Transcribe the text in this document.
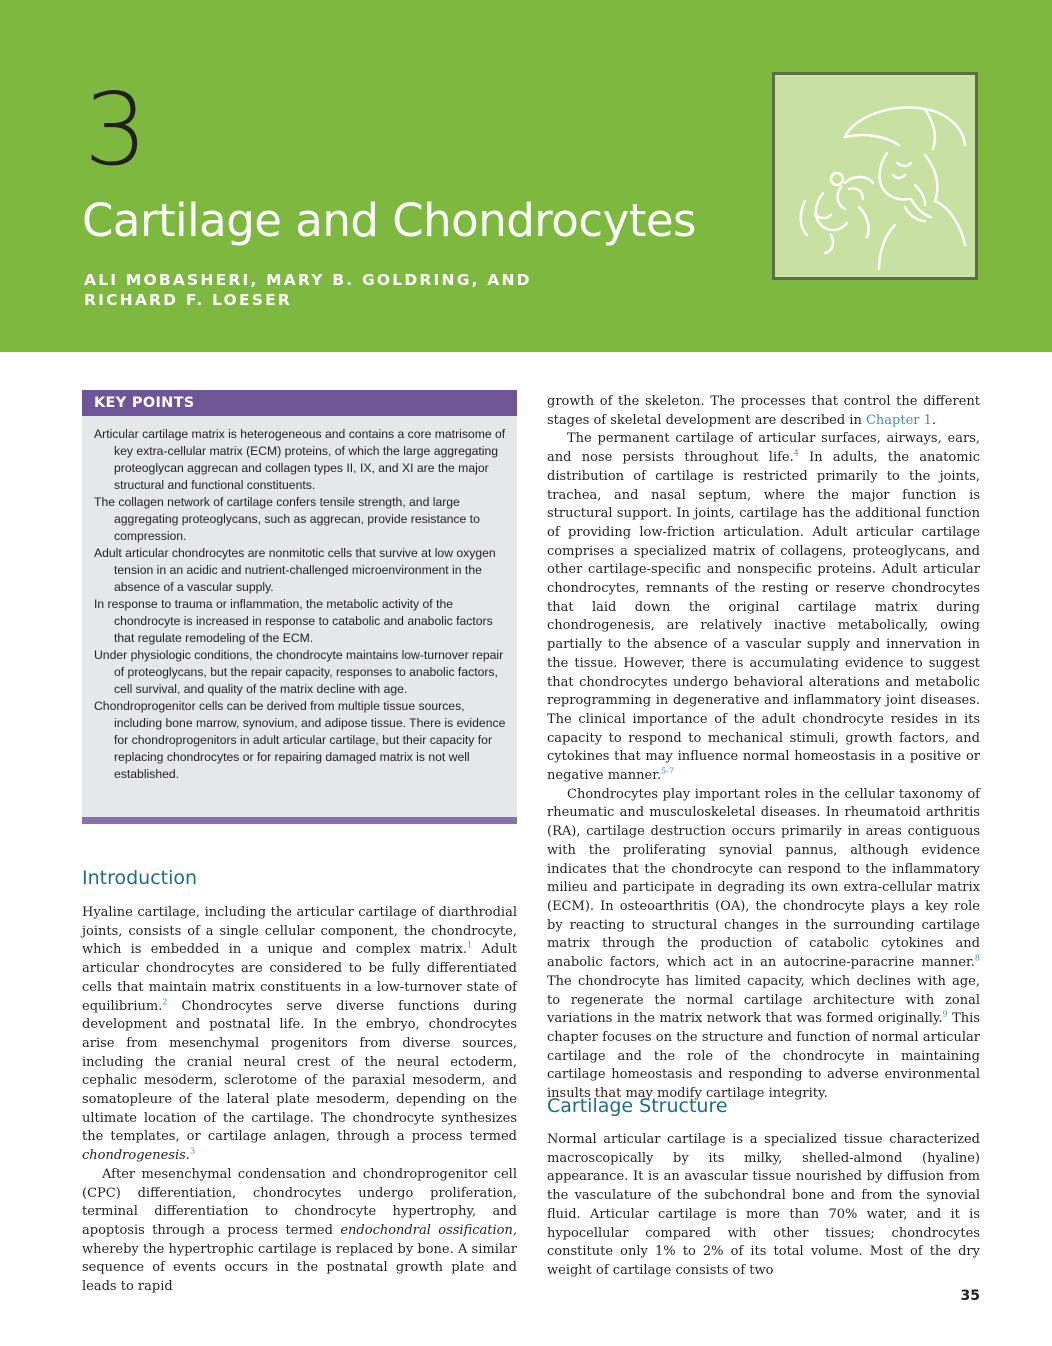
3
Cartilage and Chondrocytes
ALI MOBASHERI, MARY B. GOLDRING, AND
RICHARD F. LOESER
KEY POINTS
Articular cartilage matrix is heterogeneous and contains a core matrisome of key extra-cellular matrix (ECM) proteins, of which the large aggregating proteoglycan aggrecan and collagen types II, IX, and XI are the major structural and functional constituents.
The collagen network of cartilage confers tensile strength, and large aggregating proteoglycans, such as aggrecan, provide resistance to compression.
Adult articular chondrocytes are nonmitotic cells that survive at low oxygen tension in an acidic and nutrient-challenged microenvironment in the absence of a vascular supply.
In response to trauma or inflammation, the metabolic activity of the chondrocyte is increased in response to catabolic and anabolic factors that regulate remodeling of the ECM.
Under physiologic conditions, the chondrocyte maintains low-turnover repair of proteoglycans, but the repair capacity, responses to anabolic factors, cell survival, and quality of the matrix decline with age.
Chondroprogenitor cells can be derived from multiple tissue sources, including bone marrow, synovium, and adipose tissue. There is evidence for chondroprogenitors in adult articular cartilage, but their capacity for replacing chondrocytes or for repairing damaged matrix is not well established.
Introduction

Hyaline cartilage, including the articular cartilage of diarthrodial joints, consists of a single cellular component, the chondrocyte, which is embedded in a unique and complex matrix.$^1$ Adult articular chondrocytes are considered to be fully differentiated cells that maintain matrix constituents in a low-turnover state of equilibrium.$^2$ Chondrocytes serve diverse functions during development and postnatal life. In the embryo, chondrocytes arise from mesenchymal progenitors from diverse sources, including the cranial neural crest of the neural ectoderm, cephalic mesoderm, sclerotome of the paraxial mesoderm, and somatopleure of the lateral plate mesoderm, depending on the ultimate location of the cartilage. The chondrocyte synthesizes the templates, or cartilage anlagen, through a process termed chondrogenesis.$^3$

After mesenchymal condensation and chondroprogenitor cell (CPC) differentiation, chondrocytes undergo proliferation, terminal differentiation to chondrocyte hypertrophy, and apoptosis through a process termed endochondral ossification, whereby the hypertrophic cartilage is replaced by bone. A similar sequence of events occurs in the postnatal growth plate and leads to rapid

growth of the skeleton. The processes that control the different stages of skeletal development are described in Chapter 1.

The permanent cartilage of articular surfaces, airways, ears, and nose persists throughout life.$^4$ In adults, the anatomic distribution of cartilage is restricted primarily to the joints, trachea, and nasal septum, where the major function is structural support. In joints, cartilage has the additional function of providing low-friction articulation. Adult articular cartilage comprises a specialized matrix of collagens, proteoglycans, and other cartilage-specific and nonspecific proteins. Adult articular chondrocytes, remnants of the resting or reserve chondrocytes that laid down the original cartilage matrix during chondrogenesis, are relatively inactive metabolically, owing partially to the absence of a vascular supply and innervation in the tissue. However, there is accumulating evidence to suggest that chondrocytes undergo behavioral alterations and metabolic reprogramming in degenerative and inflammatory joint diseases. The clinical importance of the adult chondrocyte resides in its capacity to respond to mechanical stimuli, growth factors, and cytokines that may influence normal homeostasis in a positive or negative manner.$^{5-7}$

Chondrocytes play important roles in the cellular taxonomy of rheumatic and musculoskeletal diseases. In rheumatoid arthritis (RA), cartilage destruction occurs primarily in areas contiguous with the proliferating synovial pannus, although evidence indicates that the chondrocyte can respond to the inflammatory milieu and participate in degrading its own extra-cellular matrix (ECM). In osteoarthritis (OA), the chondrocyte plays a key role by reacting to structural changes in the surrounding cartilage matrix through the production of catabolic cytokines and anabolic factors, which act in an autocrine-paracrine manner.$^8$ The chondrocyte has limited capacity, which declines with age, to regenerate the normal cartilage architecture with zonal variations in the matrix network that was formed originally.$^9$ This chapter focuses on the structure and function of normal articular cartilage and the role of the chondrocyte in maintaining cartilage homeostasis and responding to adverse environmental insults that may modify cartilage integrity.

Cartilage Structure

Normal articular cartilage is a specialized tissue characterized macroscopically by its milky, shelled-almond (hyaline) appearance. It is an avascular tissue nourished by diffusion from the vasculature of the subchondral bone and from the synovial fluid. Articular cartilage is more than 70% water, and it is hypocellular compared with other tissues; chondrocytes constitute only 1% to 2% of its total volume. Most of the dry weight of cartilage consists of two

35
